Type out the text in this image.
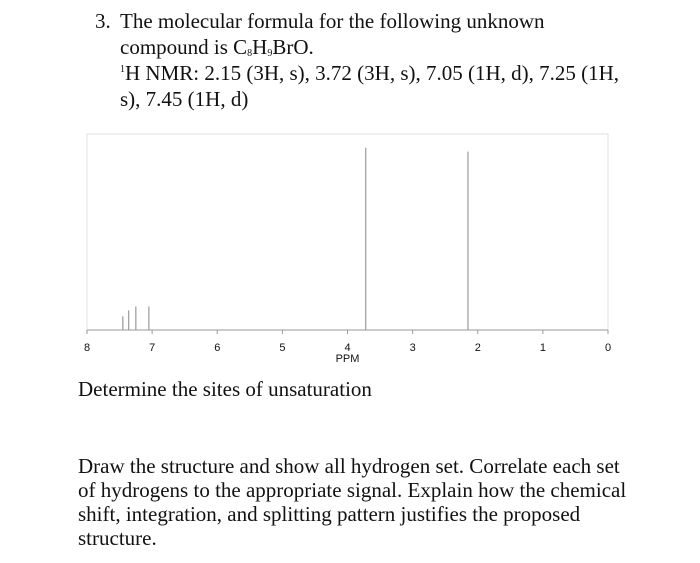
3. The molecular formula for the following unknown
compound is $C_8H_9BrO$.
$^1$H NMR: 2.15 (3H, s), 3.72 (3H, s), 7.05 (1H, d), 7.25 (1H,
s), 7.45 (1H, d)
8	7	6	5	4	3	2	1	0
PPM
Determine the sites of unsaturation
Draw the structure and show all hydrogen set. Correlate each set of hydrogens to the appropriate signal. Explain how the chemical shift, integration, and splitting pattern justifies the proposed structure.
